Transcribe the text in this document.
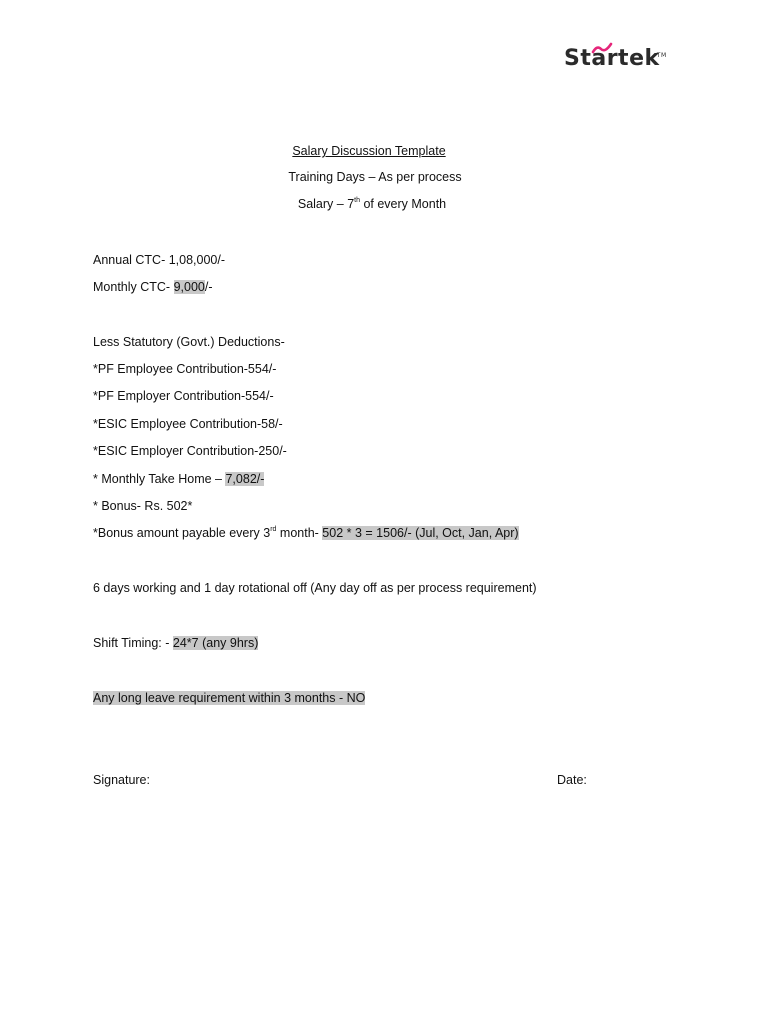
Startek
TM
Salary Discussion Template
Training Days – As per process
Salary – 7th of every Month
Annual CTC- 1,08,000/-
Monthly CTC- 9,000/-
Less Statutory (Govt.) Deductions-
*PF Employee Contribution-554/-
*PF Employer Contribution-554/-
*ESIC Employee Contribution-58/-
*ESIC Employer Contribution-250/-
* Monthly Take Home – 7,082/-
* Bonus- Rs. 502*
*Bonus amount payable every 3rd month- 502 * 3 = 1506/- (Jul, Oct, Jan, Apr)
6 days working and 1 day rotational off (Any day off as per process requirement)
Shift Timing: - 24*7 (any 9hrs)
Any long leave requirement within 3 months - NO
Signature:	Date:
